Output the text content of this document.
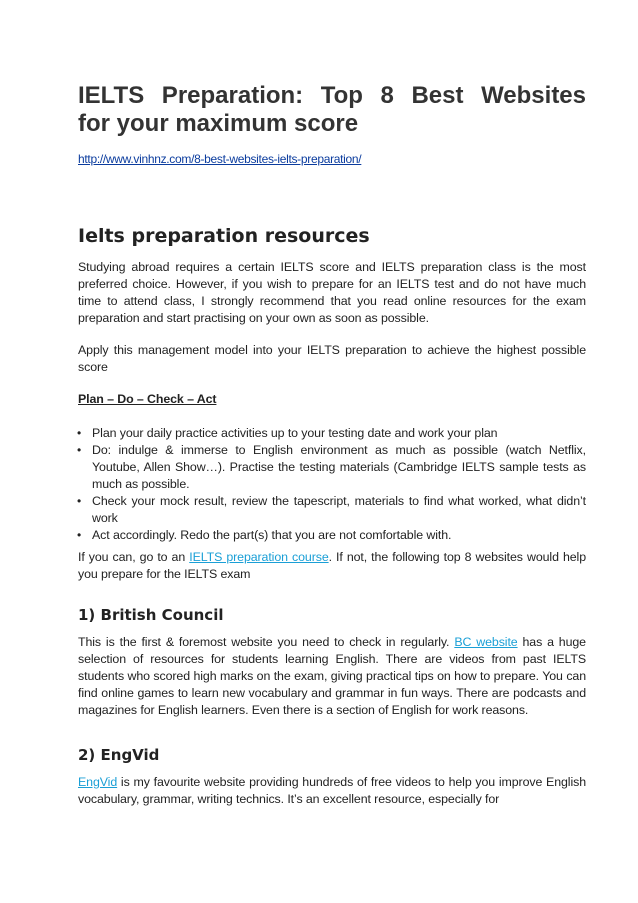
IELTS Preparation: Top 8 Best Websites
for your maximum score
http://www.vinhnz.com/8-best-websites-ielts-preparation/
Ielts preparation resources

Studying abroad requires a certain IELTS score and IELTS preparation class is the most preferred choice. However, if you wish to prepare for an IELTS test and do not have much time to attend class, I strongly recommend that you read online resources for the exam preparation and start practising on your own as soon as possible.

Apply this management model into your IELTS preparation to achieve the highest possible score

Plan – Do – Check – Act

• Plan your daily practice activities up to your testing date and work your plan
• Do: indulge & immerse to English environment as much as possible (watch Netflix, Youtube, Allen Show…). Practise the testing materials (Cambridge IELTS sample tests as much as possible.
• Check your mock result, review the tapescript, materials to find what worked, what didn’t work
• Act accordingly. Redo the part(s) that you are not comfortable with.

If you can, go to an IELTS preparation course. If not, the following top 8 websites would help you prepare for the IELTS exam

1) British Council

This is the first & foremost website you need to check in regularly. BC website has a huge selection of resources for students learning English. There are videos from past IELTS students who scored high marks on the exam, giving practical tips on how to prepare. You can find online games to learn new vocabulary and grammar in fun ways. There are podcasts and magazines for English learners. Even there is a section of English for work reasons.

2) EngVid

EngVid is my favourite website providing hundreds of free videos to help you improve English vocabulary, grammar, writing technics. It’s an excellent resource, especially for
